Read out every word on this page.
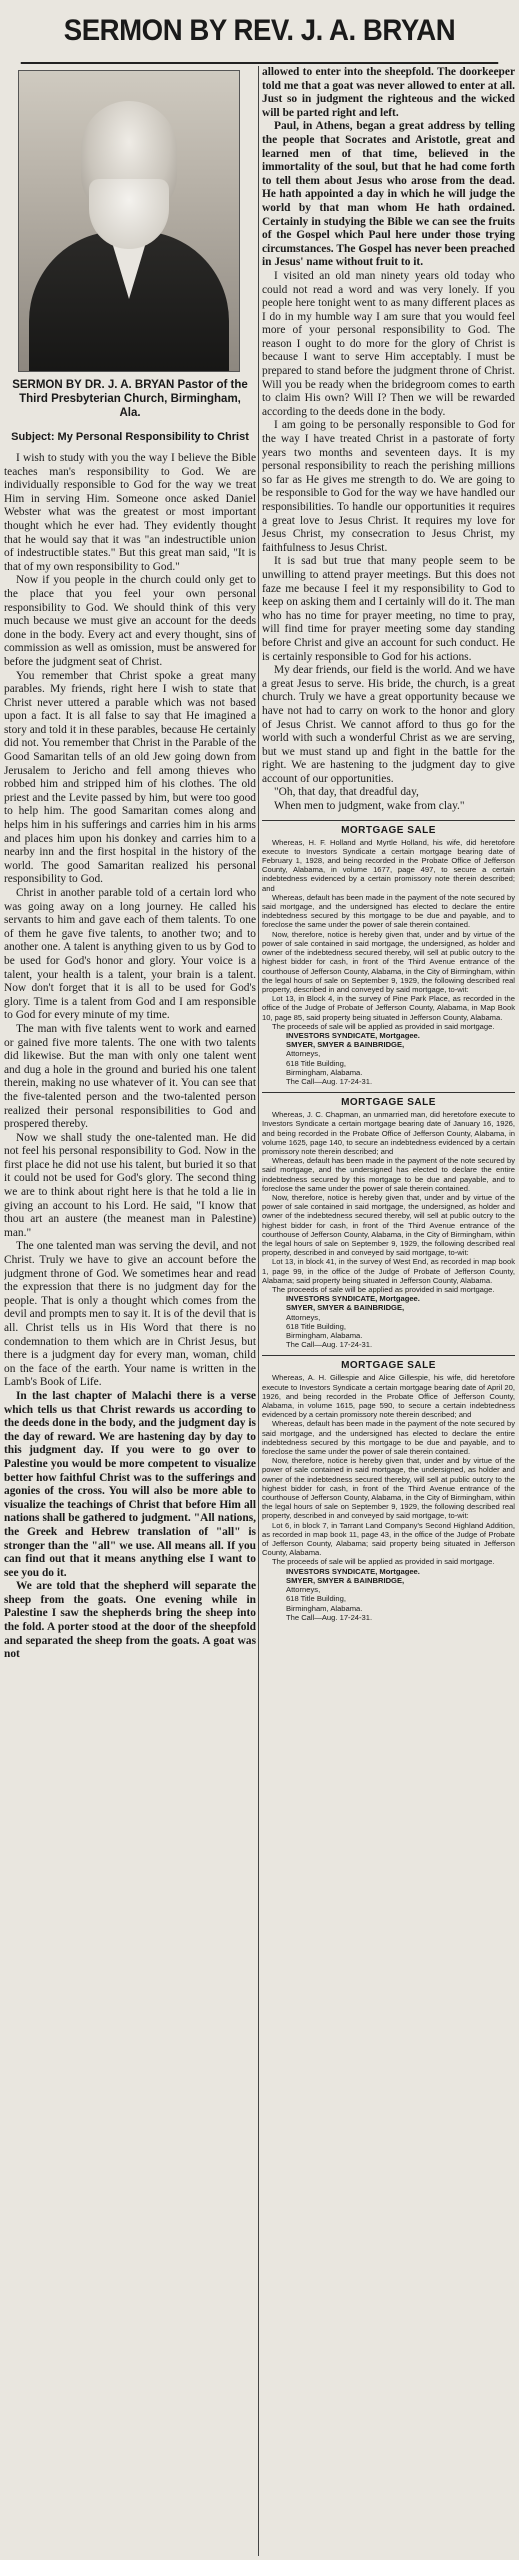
SERMON BY REV. J. A. BRYAN
SERMON BY DR. J. A. BRYAN Pastor of the Third Presbyterian Church, Birmingham, Ala.
Subject: My Personal Responsibility to Christ

I wish to study with you the way I believe the Bible teaches man's responsibility to God. We are individually responsible to God for the way we treat Him in serving Him. Someone once asked Daniel Webster what was the greatest or most important thought which he ever had. They evidently thought that he would say that it was "an indestructible union of indestructible states." But this great man said, "It is that of my own responsibility to God."

Now if you people in the church could only get to the place that you feel your own personal responsibility to God. We should think of this very much because we must give an account for the deeds done in the body. Every act and every thought, sins of commission as well as omission, must be answered for before the judgment seat of Christ.

You remember that Christ spoke a great many parables. My friends, right here I wish to state that Christ never uttered a parable which was not based upon a fact. It is all false to say that He imagined a story and told it in these parables, because He certainly did not. You remember that Christ in the Parable of the Good Samaritan tells of an old Jew going down from Jerusalem to Jericho and fell among thieves who robbed him and stripped him of his clothes. The old priest and the Levite passed by him, but were too good to help him. The good Samaritan comes along and helps him in his sufferings and carries him in his arms and places him upon his donkey and carries him to a nearby inn and the first hospital in the history of the world. The good Samaritan realized his personal responsibility to God.

Christ in another parable told of a certain lord who was going away on a long journey. He called his servants to him and gave each of them talents. To one of them he gave five talents, to another two; and to another one. A talent is anything given to us by God to be used for God's honor and glory. Your voice is a talent, your health is a talent, your brain is a talent. Now don't forget that it is all to be used for God's glory. Time is a talent from God and I am responsible to God for every minute of my time.

The man with five talents went to work and earned or gained five more talents. The one with two talents did likewise. But the man with only one talent went and dug a hole in the ground and buried his one talent therein, making no use whatever of it. You can see that the five-talented person and the two-talented person realized their personal responsibilities to God and prospered thereby.

Now we shall study the one-talented man. He did not feel his personal responsibility to God. Now in the first place he did not use his talent, but buried it so that it could not be used for God's glory. The second thing we are to think about right here is that he told a lie in giving an account to his Lord. He said, "I know that thou art an austere (the meanest man in Palestine) man."

The one talented man was serving the devil, and not Christ. Truly we have to give an account before the judgment throne of God. We sometimes hear and read the expression that there is no judgment day for the people. That is only a thought which comes from the devil and prompts men to say it. It is of the devil that is all. Christ tells us in His Word that there is no condemnation to them which are in Christ Jesus, but there is a judgment day for every man, woman, child on the face of the earth. Your name is written in the Lamb's Book of Life.

In the last chapter of Malachi there is a verse which tells us that Christ rewards us according to the deeds done in the body, and the judgment day is the day of reward. We are hastening day by day to this judgment day. If you were to go over to Palestine you would be more competent to visualize better how faithful Christ was to the sufferings and agonies of the cross. You will also be more able to visualize the teachings of Christ that before Him all nations shall be gathered to judgment. "All nations, the Greek and Hebrew translation of "all" is stronger than the "all" we use. All means all. If you can find out that it means anything else I want to see you do it.

We are told that the shepherd will separate the sheep from the goats. One evening while in Palestine I saw the shepherds bring the sheep into the fold. A porter stood at the door of the sheepfold and separated the sheep from the goats. A goat was not

allowed to enter into the sheepfold. The doorkeeper told me that a goat was never allowed to enter at all. Just so in judgment the righteous and the wicked will be parted right and left.

Paul, in Athens, began a great address by telling the people that Socrates and Aristotle, great and learned men of that time, believed in the immortality of the soul, but that he had come forth to tell them about Jesus who arose from the dead. He hath appointed a day in which he will judge the world by that man whom He hath ordained. Certainly in studying the Bible we can see the fruits of the Gospel which Paul here under those trying circumstances. The Gospel has never been preached in Jesus' name without fruit to it.

I visited an old man ninety years old today who could not read a word and was very lonely. If you people here tonight went to as many different places as I do in my humble way I am sure that you would feel more of your personal responsibility to God. The reason I ought to do more for the glory of Christ is because I want to serve Him acceptably. I must be prepared to stand before the judgment throne of Christ. Will you be ready when the bridegroom comes to earth to claim His own? Will I? Then we will be rewarded according to the deeds done in the body.

I am going to be personally responsible to God for the way I have treated Christ in a pastorate of forty years two months and seventeen days. It is my personal responsibility to reach the perishing millions so far as He gives me strength to do. We are going to be responsible to God for the way we have handled our responsibilities. To handle our opportunities it requires a great love to Jesus Christ. It requires my love for Jesus Christ, my consecration to Jesus Christ, my faithfulness to Jesus Christ.

It is sad but true that many people seem to be unwilling to attend prayer meetings. But this does not faze me because I feel it my responsibility to God to keep on asking them and I certainly will do it. The man who has no time for prayer meeting, no time to pray, will find time for prayer meeting some day standing before Christ and give an account for such conduct. He is certainly responsible to God for his actions.

My dear friends, our field is the world. And we have a great Jesus to serve. His bride, the church, is a great church. Truly we have a great opportunity because we have not had to carry on work to the honor and glory of Jesus Christ. We cannot afford to thus go for the world with such a wonderful Christ as we are serving, but we must stand up and fight in the battle for the right. We are hastening to the judgment day to give account of our opportunities.

"Oh, that day, that dreadful day,

When men to judgment, wake from clay."

MORTGAGE SALE

Whereas, H. F. Holland and Myrtle Holland, his wife, did heretofore execute to Investors Syndicate a certain mortgage bearing date of February 1, 1928, and being recorded in the Probate Office of Jefferson County, Alabama, in volume 1677, page 497, to secure a certain indebtedness evidenced by a certain promissory note therein described; and

Whereas, default has been made in the payment of the note secured by said mortgage, and the undersigned has elected to declare the entire indebtedness secured by this mortgage to be due and payable, and to foreclose the same under the power of sale therein contained.

Now, therefore, notice is hereby given that, under and by virtue of the power of sale contained in said mortgage, the undersigned, as holder and owner of the indebtedness secured thereby, will sell at public outcry to the highest bidder for cash, in front of the Third Avenue entrance of the courthouse of Jefferson County, Alabama, in the City of Birmingham, within the legal hours of sale on September 9, 1929, the following described real property, described in and conveyed by said mortgage, to-wit:

Lot 13, in Block 4, in the survey of Pine Park Place, as recorded in the office of the Judge of Probate of Jefferson County, Alabama, in Map Book 10, page 85, said property being situated in Jefferson County, Alabama.

The proceeds of sale will be applied as provided in said mortgage.

INVESTORS SYNDICATE, Mortgagee.

SMYER, SMYER & BAINBRIDGE,

Attorneys,

618 Title Building,

Birmingham, Alabama.

The Call—Aug. 17-24-31.

MORTGAGE SALE

Whereas, J. C. Chapman, an unmarried man, did heretofore execute to Investors Syndicate a certain mortgage bearing date of January 16, 1926, and being recorded in the Probate Office of Jefferson County, Alabama, in volume 1625, page 140, to secure an indebtedness evidenced by a certain promissory note therein described; and

Whereas, default has been made in the payment of the note secured by said mortgage, and the undersigned has elected to declare the entire indebtedness secured by this mortgage to be due and payable, and to foreclose the same under the power of sale therein contained.

Now, therefore, notice is hereby given that, under and by virtue of the power of sale contained in said mortgage, the undersigned, as holder and owner of the indebtedness secured thereby, will sell at public outcry to the highest bidder for cash, in front of the Third Avenue entrance of the courthouse of Jefferson County, Alabama, in the City of Birmingham, within the legal hours of sale on September 9, 1929, the following described real property, described in and conveyed by said mortgage, to-wit:

Lot 13, in block 41, in the survey of West End, as recorded in map book 1, page 99, in the office of the Judge of Probate of Jefferson County, Alabama; said property being situated in Jefferson County, Alabama.

The proceeds of sale will be applied as provided in said mortgage.

INVESTORS SYNDICATE, Mortgagee.

SMYER, SMYER & BAINBRIDGE,

Attorneys,

618 Title Building,

Birmingham, Alabama.

The Call—Aug. 17-24-31.

MORTGAGE SALE

Whereas, A. H. Gillespie and Alice Gillespie, his wife, did heretofore execute to Investors Syndicate a certain mortgage bearing date of April 20, 1926, and being recorded in the Probate Office of Jefferson County, Alabama, in volume 1615, page 590, to secure a certain indebtedness evidenced by a certain promissory note therein described; and

Whereas, default has been made in the payment of the note secured by said mortgage, and the undersigned has elected to declare the entire indebtedness secured by this mortgage to be due and payable, and to foreclose the same under the power of sale therein contained.

Now, therefore, notice is hereby given that, under and by virtue of the power of sale contained in said mortgage, the undersigned, as holder and owner of the indebtedness secured thereby, will sell at public outcry to the highest bidder for cash, in front of the Third Avenue entrance of the courthouse of Jefferson County, Alabama, in the City of Birmingham, within the legal hours of sale on September 9, 1929, the following described real property, described in and conveyed by said mortgage, to-wit:

Lot 6, in block 7, in Tarrant Land Company's Second Highland Addition, as recorded in map book 11, page 43, in the office of the Judge of Probate of Jefferson County, Alabama; said property being situated in Jefferson County, Alabama.

The proceeds of sale will be applied as provided in said mortgage.

INVESTORS SYNDICATE, Mortgagee.

SMYER, SMYER & BAINBRIDGE,

Attorneys,

618 Title Building,

Birmingham, Alabama.

The Call—Aug. 17-24-31.
